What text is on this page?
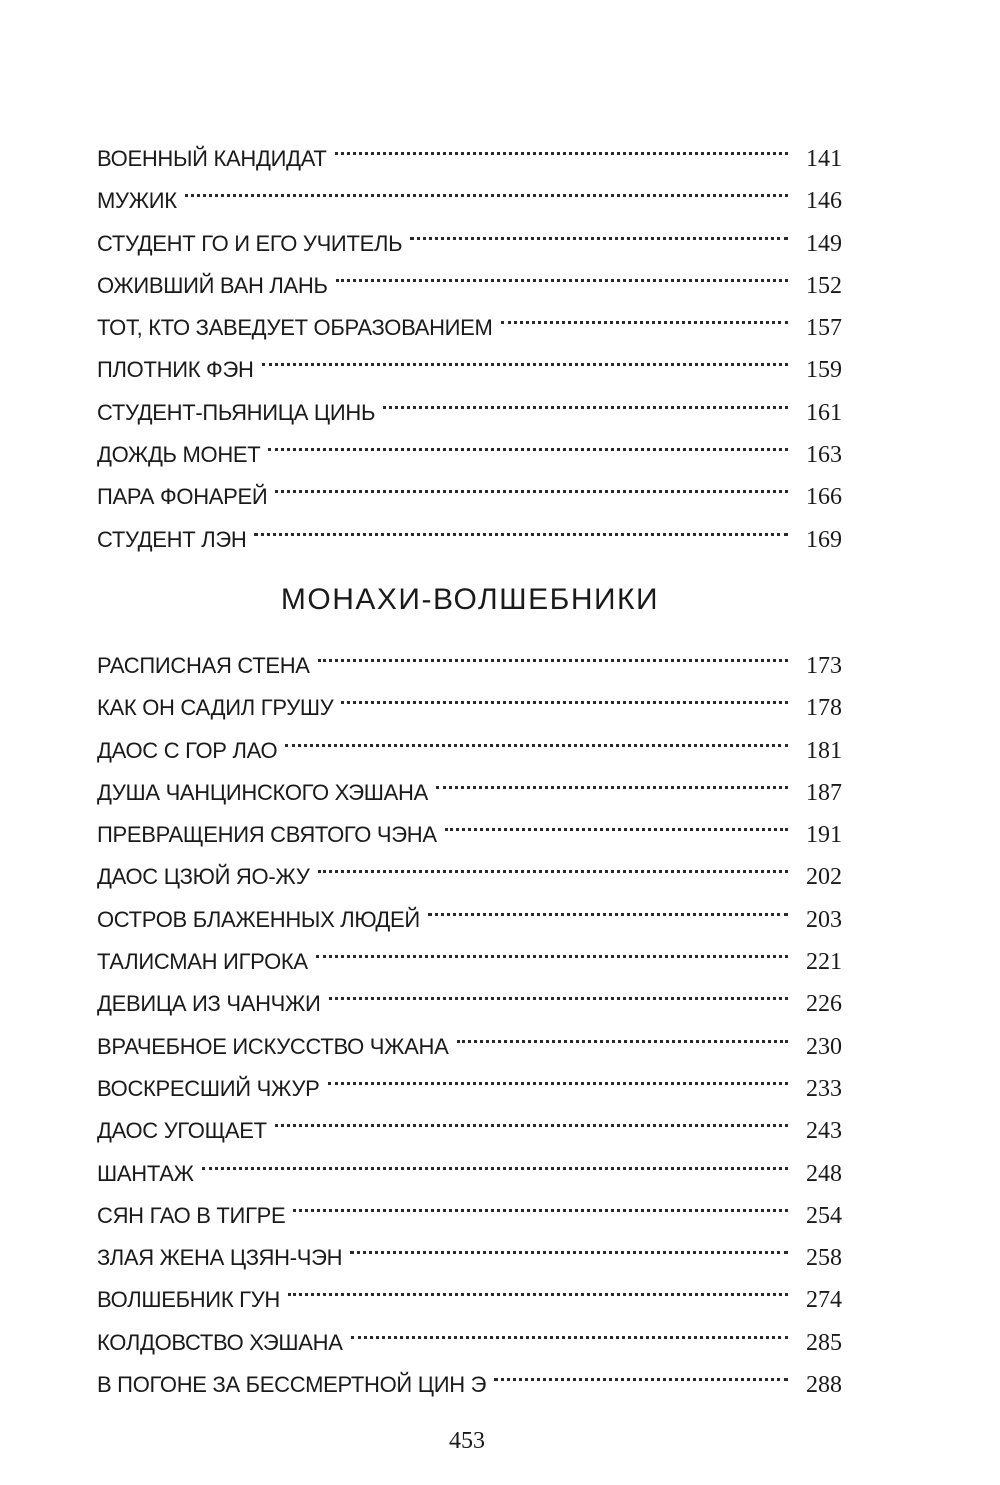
ВОЕННЫЙ КАНДИДАТ	141
МУЖИК	146
СТУДЕНТ ГО И ЕГО УЧИТЕЛЬ	149
ОЖИВШИЙ ВАН ЛАНЬ	152
ТОТ, КТО ЗАВЕДУЕТ ОБРАЗОВАНИЕМ	157
ПЛОТНИК ФЭН	159
СТУДЕНТ-ПЬЯНИЦА ЦИНЬ	161
ДОЖДЬ МОНЕТ	163
ПАРА ФОНАРЕЙ	166
СТУДЕНТ ЛЭН	169
МОНАХИ-ВОЛШЕБНИКИ
РАСПИСНАЯ СТЕНА	173
КАК ОН САДИЛ ГРУШУ	178
ДАОС С ГОР ЛАО	181
ДУША ЧАНЦИНСКОГО ХЭШАНА	187
ПРЕВРАЩЕНИЯ СВЯТОГО ЧЭНА	191
ДАОС ЦЗЮЙ ЯО-ЖУ	202
ОСТРОВ БЛАЖЕННЫХ ЛЮДЕЙ	203
ТАЛИСМАН ИГРОКА	221
ДЕВИЦА ИЗ ЧАНЧЖИ	226
ВРАЧЕБНОЕ ИСКУССТВО ЧЖАНА	230
ВОСКРЕСШИЙ ЧЖУР	233
ДАОС УГОЩАЕТ	243
ШАНТАЖ	248
СЯН ГАО В ТИГРЕ	254
ЗЛАЯ ЖЕНА ЦЗЯН-ЧЭН	258
ВОЛШЕБНИК ГУН	274
КОЛДОВСТВО ХЭШАНА	285
В ПОГОНЕ ЗА БЕССМЕРТНОЙ ЦИН Э	288
453
